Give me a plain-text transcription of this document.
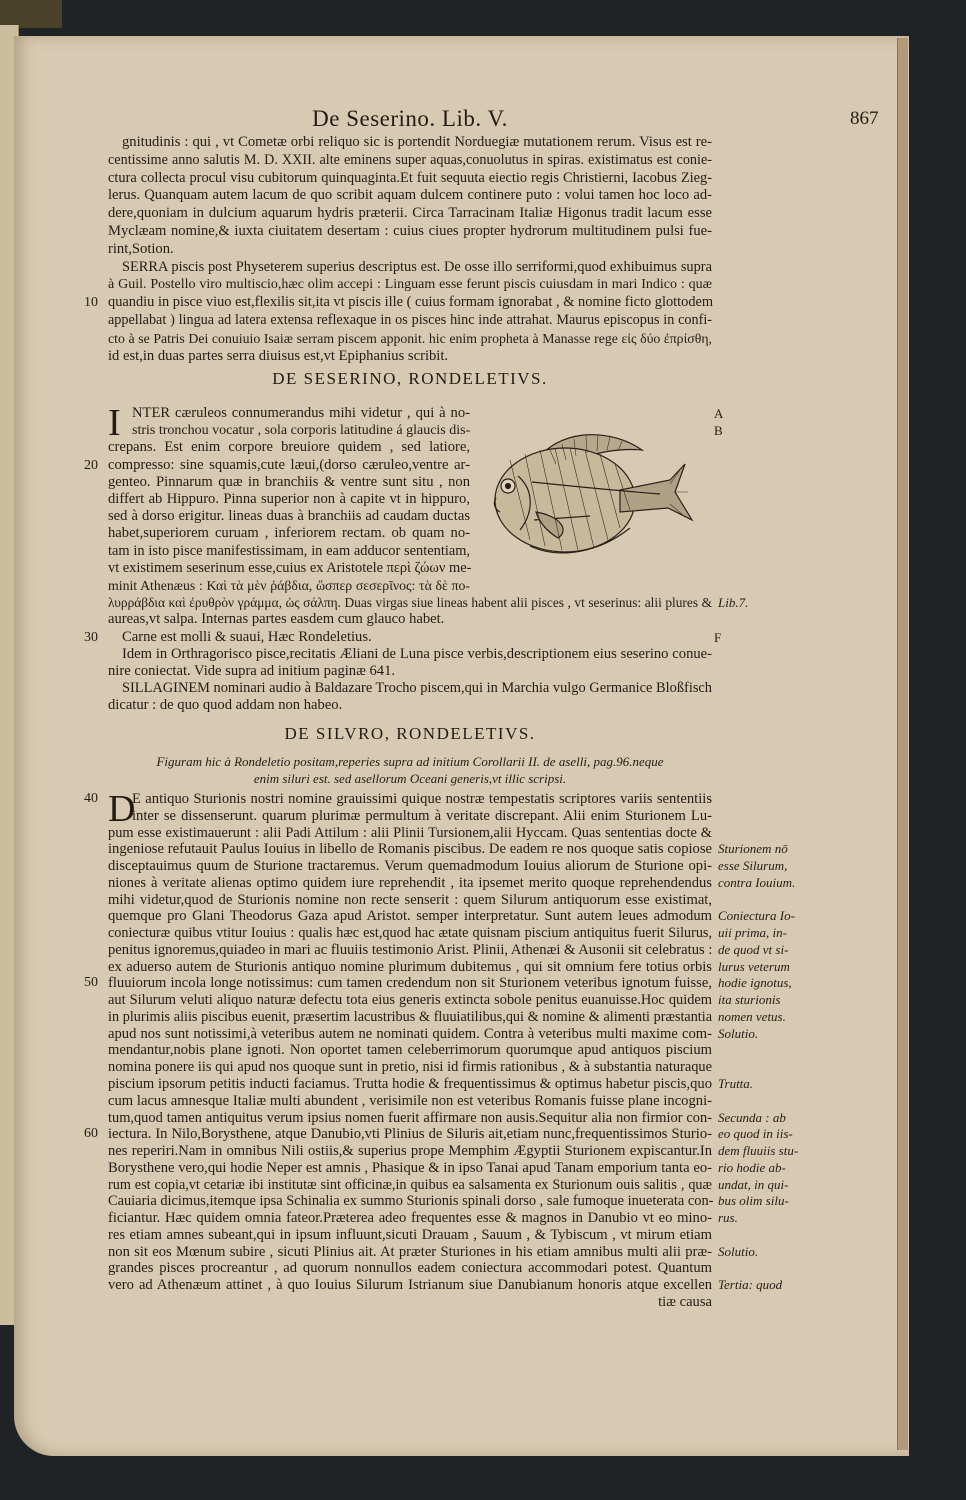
De Seserino. Lib. V.	867
gnitudinis : qui , vt Cometæ orbi reliquo sic is portendit Norduegiæ mutationem rerum. Visus est re-
centissime anno salutis M. D. XXII. alte eminens super aquas,conuolutus in spiras. existimatus est conie-
ctura collecta procul visu cubitorum quinquaginta.Et fuit sequuta eiectio regis Christierni, Iacobus Zieg-
lerus. Quanquam autem lacum de quo scribit aquam dulcem continere puto : volui tamen hoc loco ad-
dere,quoniam in dulcium aquarum hydris præterii. Circa Tarracinam Italiæ Higonus tradit lacum esse
Myclæam nomine,& iuxta ciuitatem desertam : cuius ciues propter hydrorum multitudinem pulsi fue-
rint,Sotion.
SERRA piscis post Physeterem superius descriptus est. De osse illo serriformi,quod exhibuimus supra
à Guil. Postello viro multiscio,hæc olim accepi : Linguam esse ferunt piscis cuiusdam in mari Indico : quæ
quandiu in pisce viuo est,flexilis sit,ita vt piscis ille ( cuius formam ignorabat , & nomine ficto glottodem
10
appellabat ) lingua ad latera extensa reflexaque in os pisces hinc inde attrahat. Maurus episcopus in confi-
cto à se Patris Dei conuiuio Isaiæ serram piscem apponit. hic enim propheta à Manasse rege εἰς δύο ἐπρίσθη,
id est,in duas partes serra diuisus est,vt Epiphanius scribit.
DE SESERINO, RONDELETIVS.
I NTER cæruleos connumerandus mihi videtur , qui à no-	A
stris tronchou vocatur , sola corporis latitudine á glaucis dis-	B
crepans. Est enim corpore breuiore quidem , sed latiore,
compresso: sine squamis,cute læui,(dorso cæruleo,ventre ar-
20
genteo. Pinnarum quæ in branchiis & ventre sunt situ , non
differt ab Hippuro. Pinna superior non à capite vt in hippuro,
sed à dorso erigitur. lineas duas à branchiis ad caudam ductas
habet,superiorem curuam , inferiorem rectam. ob quam no-
tam in isto pisce manifestissimam, in eam adducor sententiam,
vt existimem seserinum esse,cuius ex Aristotele περὶ ζώων me-
minit Athenæus : Καὶ τὰ μὲν ῥάβδια, ὥσπερ σεσερῖνος: τὰ δὲ πο-
λυρράβδια καὶ ἐρυθρὸν γράμμα, ὡς σάλπη. Duas virgas siue lineas habent alii pisces , vt seserinus: alii plures & Lib.7.
aureas,vt salpa. Internas partes easdem cum glauco habet.
Carne est molli & suaui, Hæc Rondeletius.
30	F
Idem in Orthragorisco pisce,recitatis Æliani de Luna pisce verbis,descriptionem eius seserino conue-
nire coniectat. Vide supra ad initium paginæ 641.
SILLAGINEM nominari audio à Baldazare Trocho piscem,qui in Marchia vulgo Germanice Bloßfisch
dicatur : de quo quod addam non habeo.
DE SILVRO, RONDELETIVS.
Figuram hic à Rondeletio positam,reperies supra ad initium Corollarii II. de aselli, pag.96.neque
enim siluri est. sed asellorum Oceani generis,vt illic scripsi.
D
E antiquo Sturionis nostri nomine grauissimi quique nostræ tempestatis scriptores variis sententiis
40
inter se dissenserunt. quarum plurimæ permultum à veritate discrepant. Alii enim Sturionem Lu-
pum esse existimauerunt : alii Padi Attilum : alii Plinii Tursionem,alii Hyccam. Quas sententias docte &
ingeniose refutauit Paulus Iouius in libello de Romanis piscibus. De eadem re nos quoque satis copiose Sturionem nō
disceptauimus quum de Sturione tractaremus. Verum quemadmodum Iouius aliorum de Sturione opi- esse Silurum,
niones à veritate alienas optimo quidem iure reprehendit , ita ipsemet merito quoque reprehendendus contra Iouium.
mihi videtur,quod de Sturionis nomine non recte senserit : quem Silurum antiquorum esse existimat,
quemque pro Glani Theodorus Gaza apud Aristot. semper interpretatur. Sunt autem leues admodum Coniectura Io-
coniecturæ quibus vtitur Iouius : qualis hæc est,quod hac ætate quisnam piscium antiquitus fuerit Silurus, uii prima, in-
penitus ignoremus,quiadeo in mari ac fluuiis testimonio Arist. Plinii, Athenæi & Ausonii sit celebratus : de quod vt si-
ex aduerso autem de Sturionis antiquo nomine plurimum dubitemus , qui sit omnium fere totius orbis lurus veterum
fluuiorum incola longe notissimus: cum tamen credendum non sit Sturionem veteribus ignotum fuisse,
50	hodie ignotus,
aut Silurum veluti aliquo naturæ defectu tota eius generis extincta sobole penitus euanuisse.Hoc quidem ita sturionis
in plurimis aliis piscibus euenit, præsertim lacustribus & fluuiatilibus,qui & nomine & alimenti præstantia nomen vetus.
apud nos sunt notissimi,à veteribus autem ne nominati quidem. Contra à veteribus multi maxime com- Solutio.
mendantur,nobis plane ignoti. Non oportet tamen celeberrimorum quorumque apud antiquos piscium
nomina ponere iis qui apud nos quoque sunt in pretio, nisi id firmis rationibus , & à substantia naturaque
piscium ipsorum petitis inducti faciamus. Trutta hodie & frequentissimus & optimus habetur piscis,quo Trutta.
cum lacus amnesque Italiæ multi abundent , verisimile non est veteribus Romanis fuisse plane incogni-
tum,quod tamen antiquitus verum ipsius nomen fuerit affirmare non ausis.Sequitur alia non firmior con- Secunda : ab
iectura. In Nilo,Borysthene, atque Danubio,vti Plinius de Siluris ait,etiam nunc,frequentissimos Sturio-
60	eo quod in iis-
nes reperiri.Nam in omnibus Nili ostiis,& superius prope Memphim Ægyptii Sturionem expiscantur.In dem fluuiis stu-
Borysthene vero,qui hodie Neper est amnis , Phasique & in ipso Tanai apud Tanam emporium tanta eo- rio hodie ab-
rum est copia,vt cetariæ ibi institutæ sint officinæ,in quibus ea salsamenta ex Sturionum ouis salitis , quæ undat, in qui-
Cauiaria dicimus,itemque ipsa Schinalia ex summo Sturionis spinali dorso , sale fumoque inueterata con- bus olim silu-
ficiantur. Hæc quidem omnia fateor.Præterea adeo frequentes esse & magnos in Danubio vt eo mino- rus.
res etiam amnes subeant,qui in ipsum influunt,sicuti Drauam , Sauum , & Tybiscum , vt mirum etiam
non sit eos Mœnum subire , sicuti Plinius ait. At præter Sturiones in his etiam amnibus multi alii præ- Solutio.
grandes pisces procreantur , ad quorum nonnullos eadem coniectura accommodari potest. Quantum
vero ad Athenæum attinet , à quo Iouius Silurum Istrianum siue Danubianum honoris atque excellen Tertia: quod
tiæ causa
